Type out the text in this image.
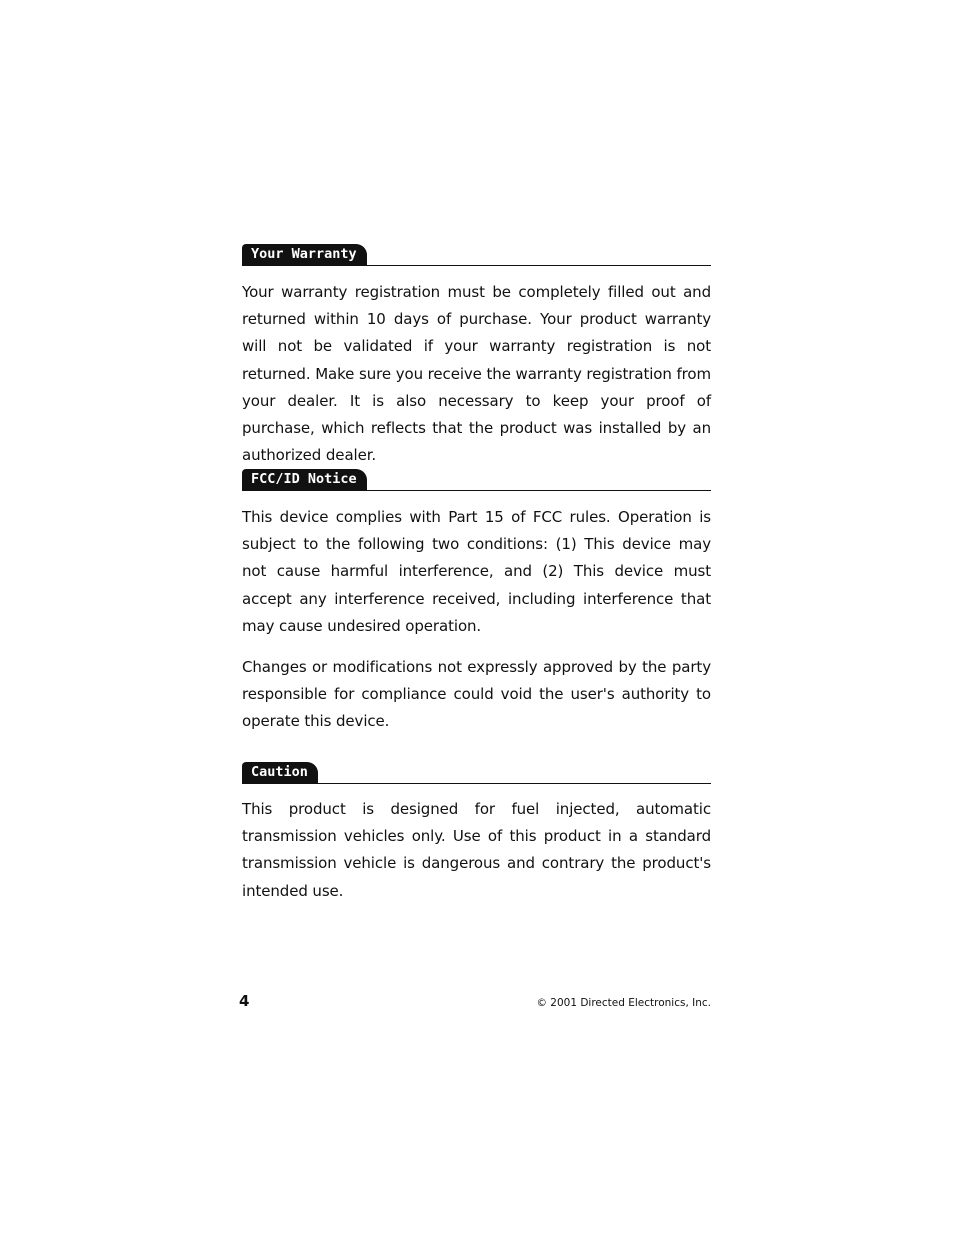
Your Warranty

Your warranty registration must be completely filled out and returned within 10 days of purchase. Your product warranty will not be validated if your warranty registration is not returned. Make sure you receive the warranty registration from your dealer. It is also necessary to keep your proof of purchase, which reflects that the product was installed by an authorized dealer.

FCC/ID Notice

This device complies with Part 15 of FCC rules. Operation is subject to the following two conditions: (1) This device may not cause harmful interference, and (2) This device must accept any interference received, including interference that may cause undesired operation.

Changes or modifications not expressly approved by the party responsible for compliance could void the user's authority to operate this device.

Caution

This product is designed for fuel injected, automatic transmission vehicles only. Use of this product in a standard transmission vehicle is dangerous and contrary the product's intended use.

4	© 2001 Directed Electronics, Inc.
